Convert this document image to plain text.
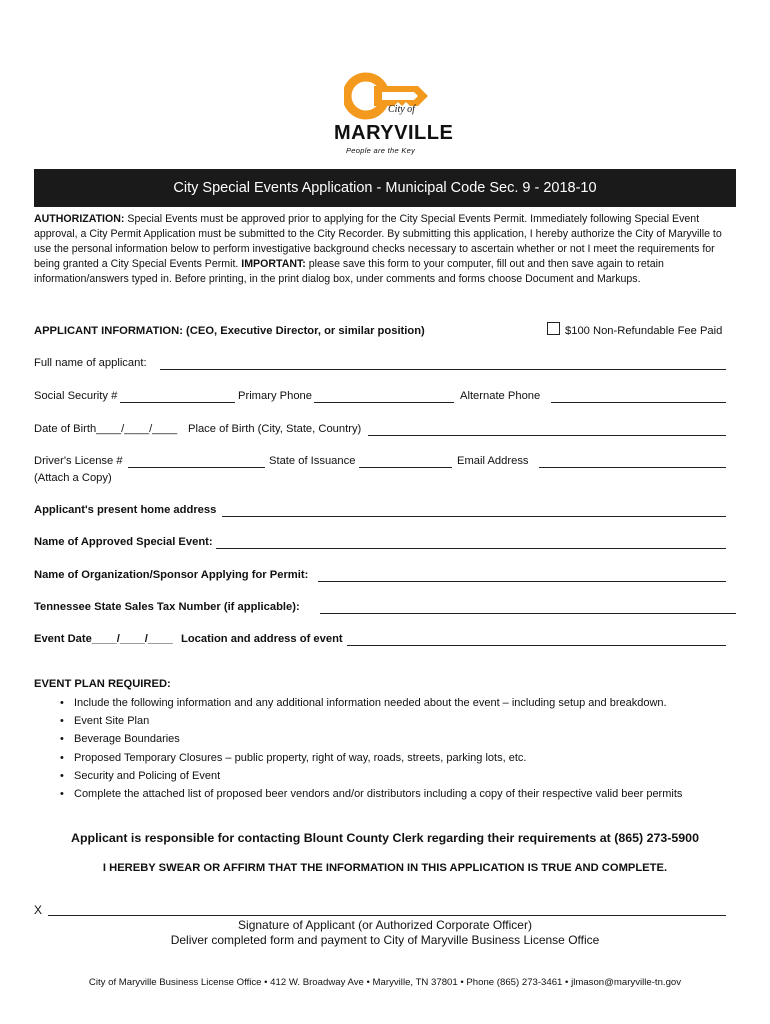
City of
MARYVILLE
People are the Key
City Special Events Application - Municipal Code Sec. 9 - 2018-10

AUTHORIZATION: Special Events must be approved prior to applying for the City Special Events Permit. Immediately following Special Event approval, a City Permit Application must be submitted to the City Recorder. By submitting this application, I hereby authorize the City of Maryville to use the personal information below to perform investigative background checks necessary to ascertain whether or not I meet the requirements for being granted a City Special Events Permit. IMPORTANT: please save this form to your computer, fill out and then save again to retain information/answers typed in. Before printing, in the print dialog box, under comments and forms choose Document and Markups.

APPLICANT INFORMATION: (CEO, Executive Director, or similar position)	$100 Non-Refundable Fee Paid
Full name of applicant:
Social Security #	Primary Phone	Alternate Phone
Date of Birth____/____/____ Place of Birth (City, State, Country)
Driver's License #	State of Issuance	Email Address
(Attach a Copy)
Applicant's present home address
Name of Approved Special Event:
Name of Organization/Sponsor Applying for Permit:
Tennessee State Sales Tax Number (if applicable):
Event Date____/____/____ Location and address of event
EVENT PLAN REQUIRED:
• Include the following information and any additional information needed about the event – including setup and breakdown.
• Event Site Plan
• Beverage Boundaries
• Proposed Temporary Closures – public property, right of way, roads, streets, parking lots, etc.
• Security and Policing of Event
• Complete the attached list of proposed beer vendors and/or distributors including a copy of their respective valid beer permits
Applicant is responsible for contacting Blount County Clerk regarding their requirements at (865) 273-5900
I HEREBY SWEAR OR AFFIRM THAT THE INFORMATION IN THIS APPLICATION IS TRUE AND COMPLETE.
X
Signature of Applicant (or Authorized Corporate Officer)
Deliver completed form and payment to City of Maryville Business License Office
City of Maryville Business License Office • 412 W. Broadway Ave • Maryville, TN 37801 • Phone (865) 273-3461 • jlmason@maryville-tn.gov
